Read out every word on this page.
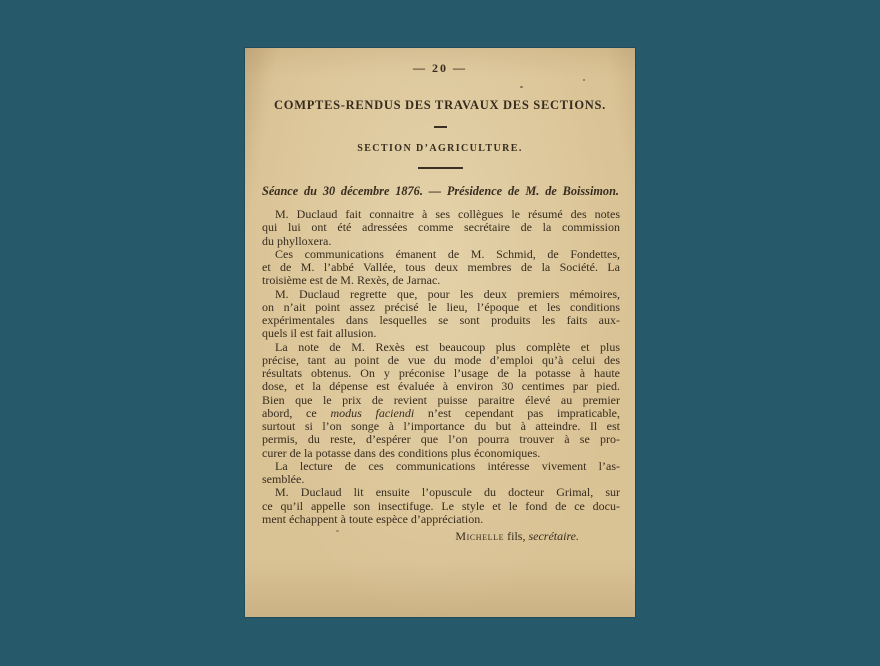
— 20 —
COMPTES-RENDUS DES TRAVAUX DES SECTIONS.
SECTION D’AGRICULTURE.
Séance du 30 décembre 1876. — Présidence de M. de Boissimon.
M. Duclaud fait connaitre à ses collègues le résumé des notes
qui lui ont été adressées comme secrétaire de la commission
du phylloxera.
Ces communications émanent de M. Schmid, de Fondettes,
et de M. l’abbé Vallée, tous deux membres de la Société. La
troisième est de M. Rexès, de Jarnac.
M. Duclaud regrette que, pour les deux premiers mémoires,
on n’ait point assez précisé le lieu, l’époque et les conditions
expérimentales dans lesquelles se sont produits les faits aux-
quels il est fait allusion.
La note de M. Rexès est beaucoup plus complète et plus
précise, tant au point de vue du mode d’emploi qu’à celui des
résultats obtenus. On y préconise l’usage de la potasse à haute
dose, et la dépense est évaluée à environ 30 centimes par pied.
Bien que le prix de revient puisse paraitre élevé au premier
abord, ce modus faciendi n’est cependant pas impraticable,
surtout si l’on songe à l’importance du but à atteindre. Il est
permis, du reste, d’espérer que l’on pourra trouver à se pro-
curer de la potasse dans des conditions plus économiques.
La lecture de ces communications intéresse vivement l’as-
semblée.
M. Duclaud lit ensuite l’opuscule du docteur Grimal, sur
ce qu’il appelle son insectifuge. Le style et le fond de ce docu-
ment échappent à toute espèce d’appréciation.
Michelle fils, secrétaire.
